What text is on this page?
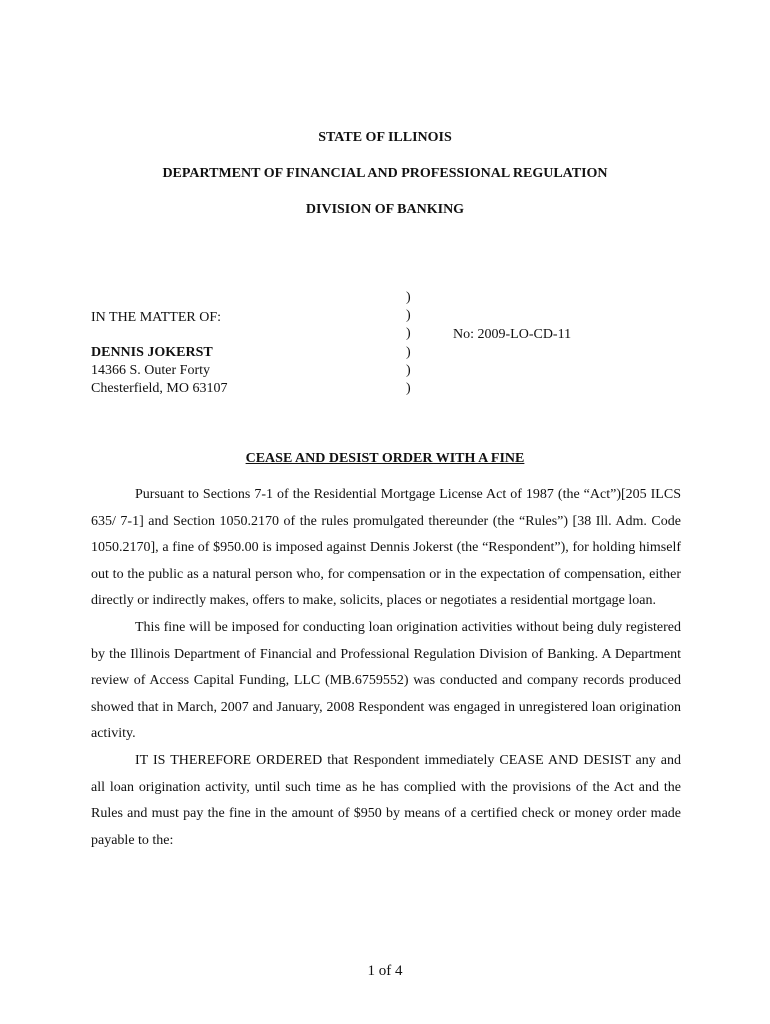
STATE OF ILLINOIS
DEPARTMENT OF FINANCIAL AND PROFESSIONAL REGULATION
DIVISION OF BANKING
IN THE MATTER OF:
DENNIS JOKERST
14366 S. Outer Forty
Chesterfield, MO 63107
)
)
)
)
)
)
No: 2009-LO-CD-11
CEASE AND DESIST ORDER WITH A FINE

Pursuant to Sections 7-1 of the Residential Mortgage License Act of 1987 (the “Act”)[205 ILCS 635/ 7-1] and Section 1050.2170 of the rules promulgated thereunder (the “Rules”) [38 Ill. Adm. Code 1050.2170], a fine of $950.00 is imposed against Dennis Jokerst (the “Respondent”), for holding himself out to the public as a natural person who, for compensation or in the expectation of compensation, either directly or indirectly makes, offers to make, solicits, places or negotiates a residential mortgage loan.

This fine will be imposed for conducting loan origination activities without being duly registered by the Illinois Department of Financial and Professional Regulation Division of Banking. A Department review of Access Capital Funding, LLC (MB.6759552) was conducted and company records produced showed that in March, 2007 and January, 2008 Respondent was engaged in unregistered loan origination activity.

IT IS THEREFORE ORDERED that Respondent immediately CEASE AND DESIST any and all loan origination activity, until such time as he has complied with the provisions of the Act and the Rules and must pay the fine in the amount of $950 by means of a certified check or money order made payable to the:

1 of 4
